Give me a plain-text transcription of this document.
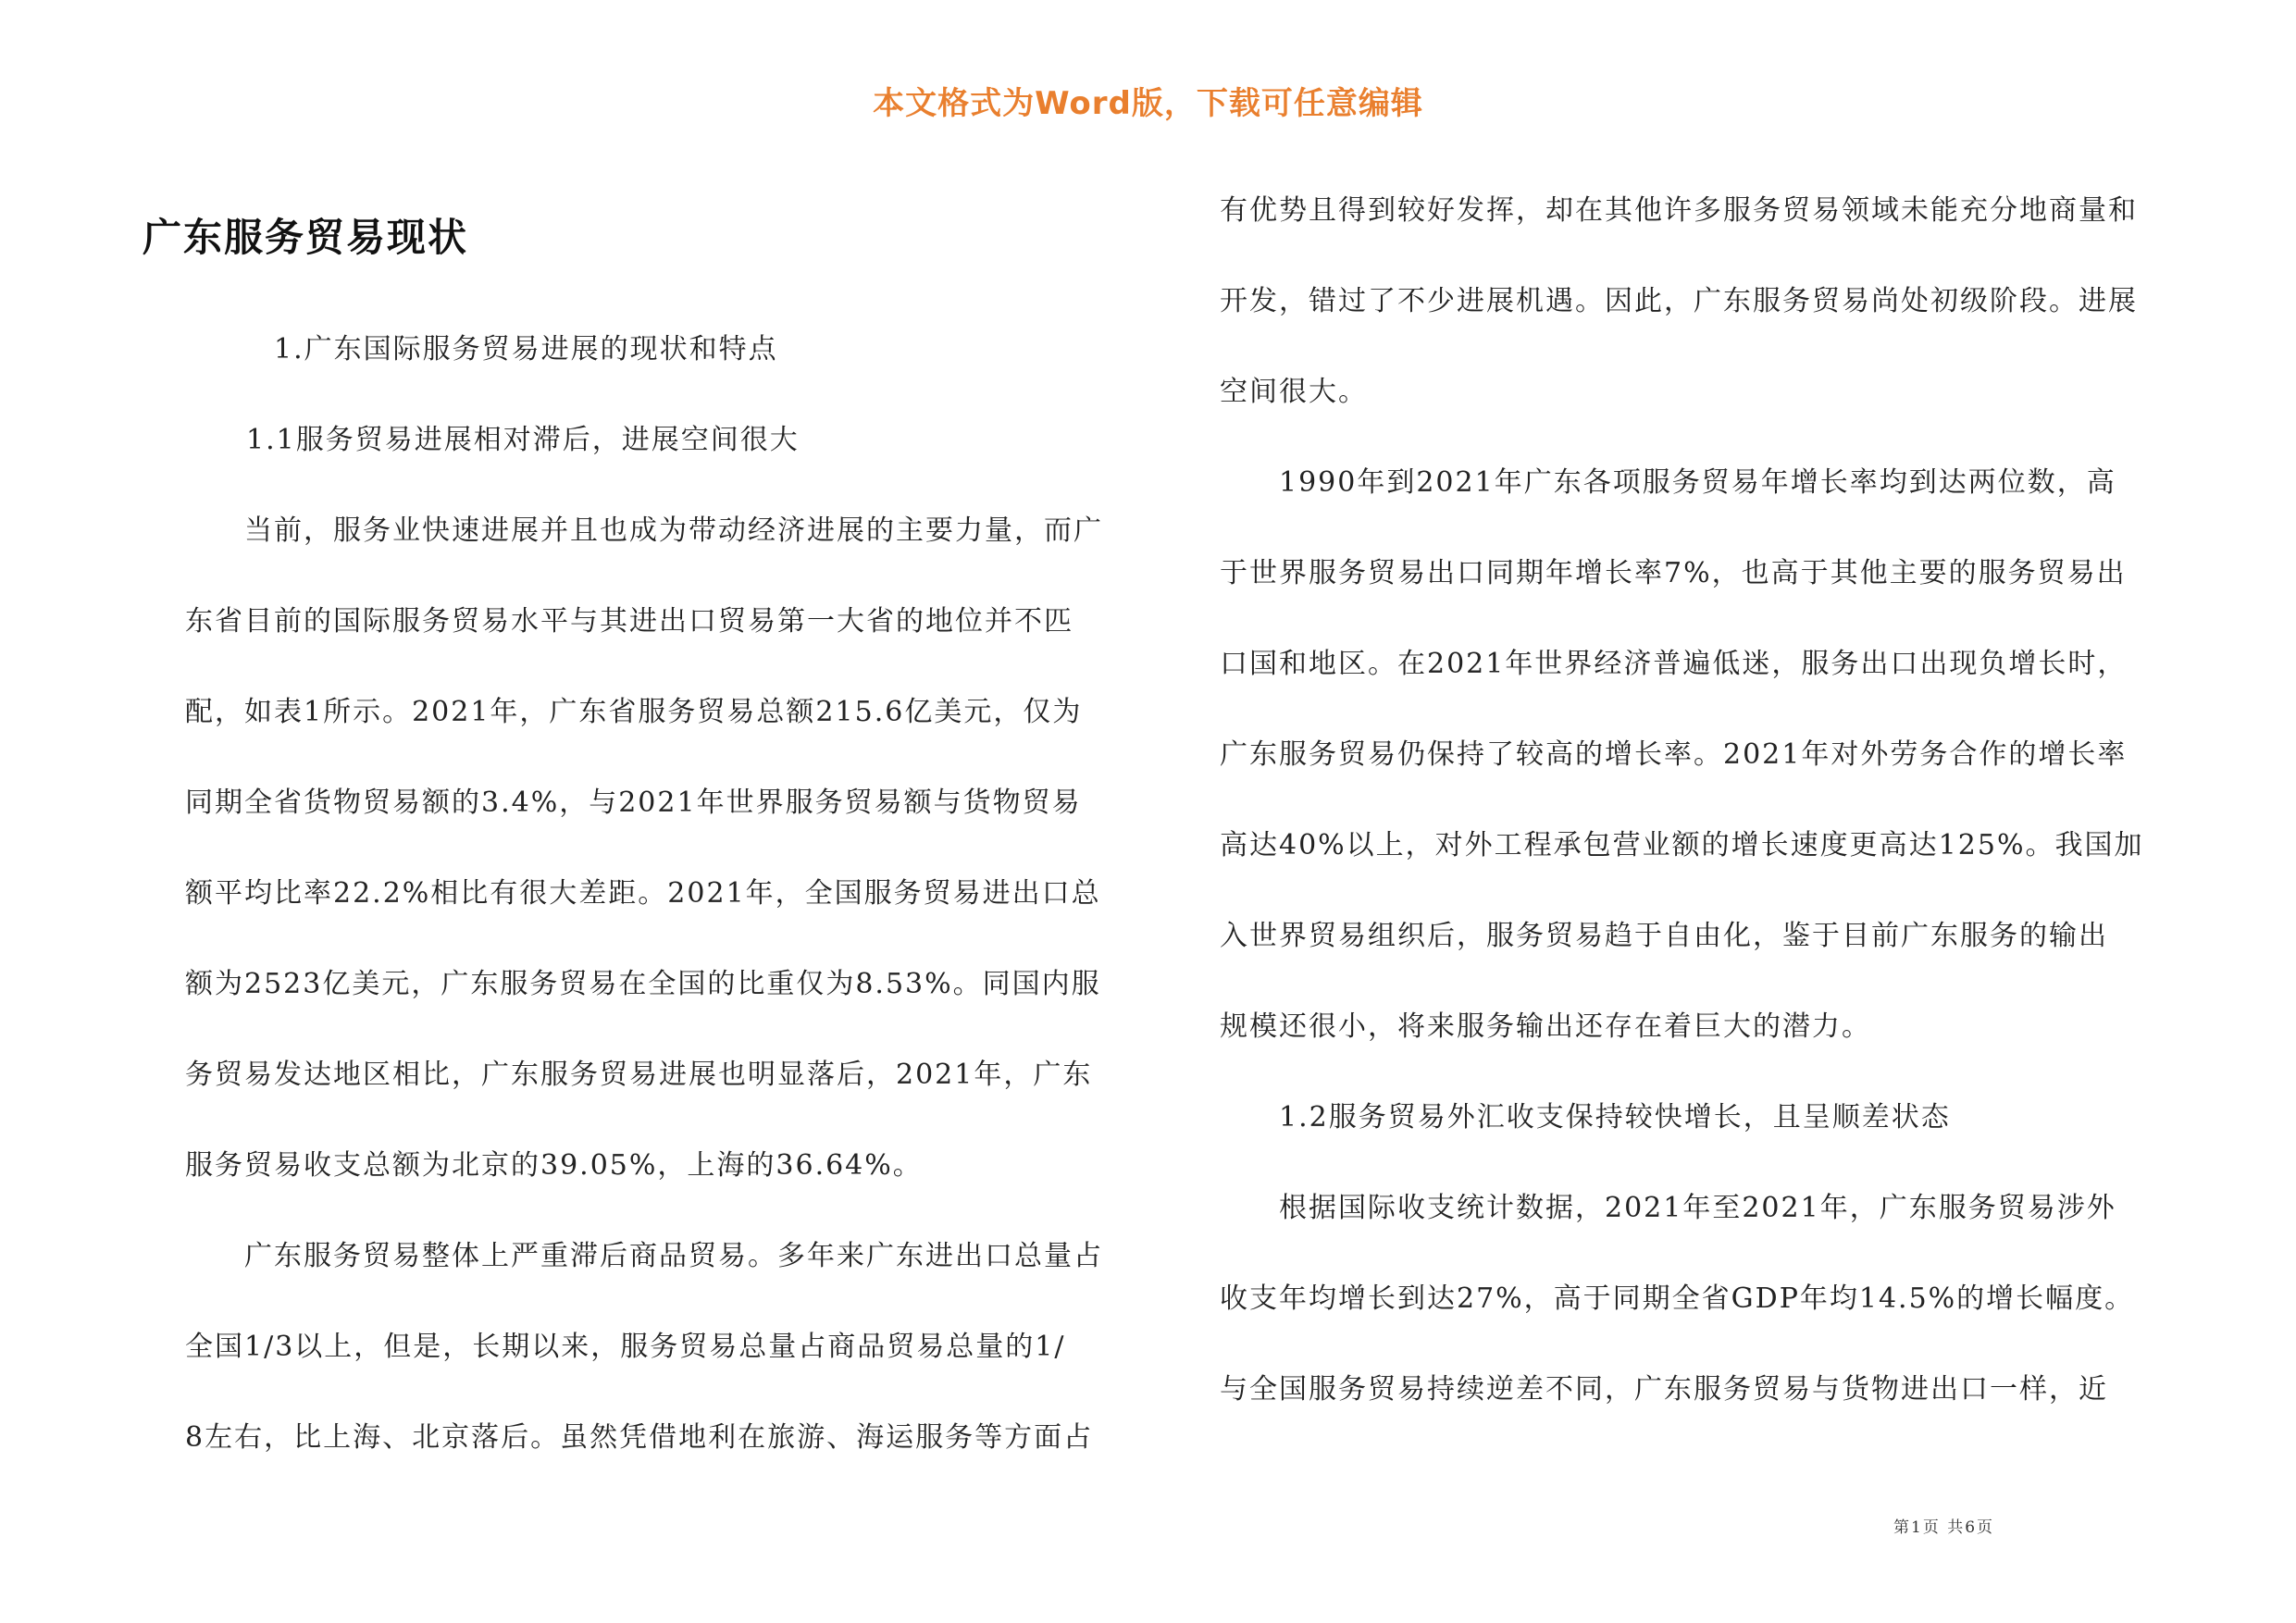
本文格式为Word版，下载可任意编辑
广东服务贸易现状
1.广东国际服务贸易进展的现状和特点
1.1服务贸易进展相对滞后，进展空间很大
当前，服务业快速进展并且也成为带动经济进展的主要力量，而广
东省目前的国际服务贸易水平与其进出口贸易第一大省的地位并不匹
配，如表1所示。2021年，广东省服务贸易总额215.6亿美元，仅为
同期全省货物贸易额的3.4%，与2021年世界服务贸易额与货物贸易
额平均比率22.2%相比有很大差距。2021年，全国服务贸易进出口总
额为2523亿美元，广东服务贸易在全国的比重仅为8.53%。同国内服
务贸易发达地区相比，广东服务贸易进展也明显落后，2021年，广东
服务贸易收支总额为北京的39.05%，上海的36.64%。
广东服务贸易整体上严重滞后商品贸易。多年来广东进出口总量占
全国1/3以上，但是，长期以来，服务贸易总量占商品贸易总量的1/
8左右，比上海、北京落后。虽然凭借地利在旅游、海运服务等方面占
有优势且得到较好发挥，却在其他许多服务贸易领域未能充分地商量和
开发，错过了不少进展机遇。因此，广东服务贸易尚处初级阶段。进展
空间很大。
1990年到2021年广东各项服务贸易年增长率均到达两位数，高
于世界服务贸易出口同期年增长率7%，也高于其他主要的服务贸易出
口国和地区。在2021年世界经济普遍低迷，服务出口出现负增长时，
广东服务贸易仍保持了较高的增长率。2021年对外劳务合作的增长率
高达40%以上，对外工程承包营业额的增长速度更高达125%。我国加
入世界贸易组织后，服务贸易趋于自由化，鉴于目前广东服务的输出
规模还很小，将来服务输出还存在着巨大的潜力。
1.2服务贸易外汇收支保持较快增长，且呈顺差状态
根据国际收支统计数据，2021年至2021年，广东服务贸易涉外
收支年均增长到达27%，高于同期全省GDP年均14.5%的增长幅度。
与全国服务贸易持续逆差不同，广东服务贸易与货物进出口一样，近
第1页 共6页
